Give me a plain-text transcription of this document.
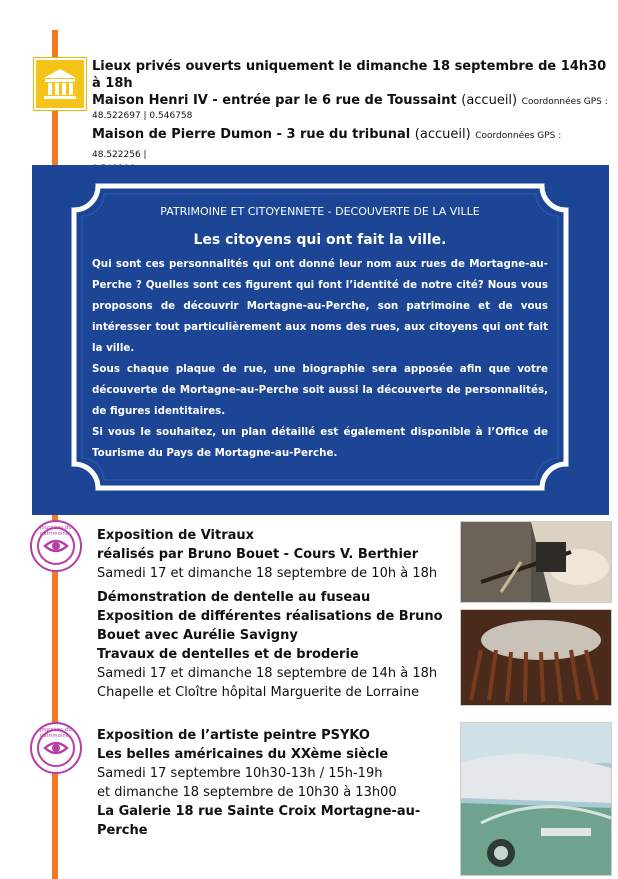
Lieux privés ouverts uniquement le dimanche 18 septembre de 14h30 à 18h
Maison Henri IV - entrée par le 6 rue de Toussaint (accueil) Coordonnées GPS :
48.522697 | 0.546758
Maison de Pierre Dumon - 3 rue du tribunal (accueil) Coordonnées GPS : 48.522256 |
PATRIMOINE ET CITOYENNETE - DECOUVERTE DE LA VILLE
Les citoyens qui ont fait la ville.
Qui sont ces personnalités qui ont donné leur nom aux rues de Mortagne-au-Perche ? Quelles sont ces figurent qui font l’identité de notre cité? Nous vous proposons de découvrir Mortagne-au-Perche, son patrimoine et de vous intéresser tout particulièrement aux noms des rues, aux citoyens qui ont fait la ville.
Sous chaque plaque de rue, une biographie sera apposée afin que votre découverte de Mortagne-au-Perche soit aussi la découverte de personnalités, de figures identitaires.
Si vous le souhaitez, un plan détaillé est également disponible à l’Office de Tourisme du Pays de Mortagne-au-Perche.
Journées du patrimoine	Exposition de Vitraux
réalisés par Bruno Bouet - Cours V. Berthier
Samedi 17 et dimanche 18 septembre de 10h à 18h
Démonstration de dentelle au fuseau
Exposition de différentes réalisations de Bruno Bouet avec Aurélie Savigny
Travaux de dentelles et de broderie
Samedi 17 et dimanche 18 septembre de 14h à 18h
Chapelle et Cloître hôpital Marguerite de Lorraine
Journées du patrimoine	Exposition de l’artiste peintre PSYKO
Les belles américaines du XXème siècle
Samedi 17 septembre 10h30-13h / 15h-19h
et dimanche 18 septembre de 10h30 à 13h00
La Galerie 18 rue Sainte Croix Mortagne-au-Perche
